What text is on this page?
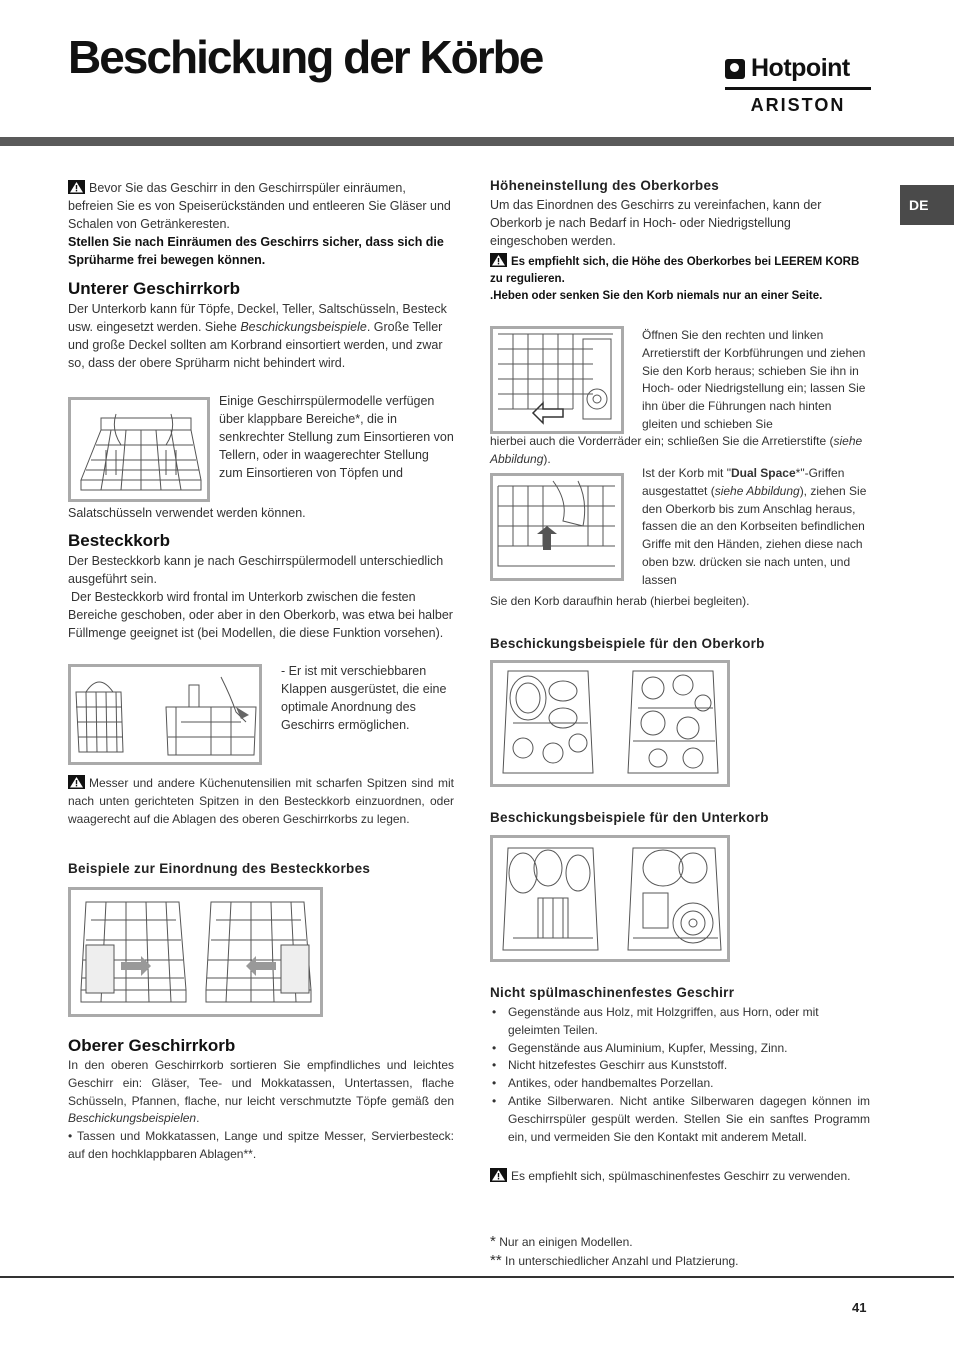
Beschickung der Körbe	Hotpoint
ARISTON
DE
Bevor Sie das Geschirr in den Geschirrspüler einräumen, befreien Sie es von Speiserückständen und entleeren Sie Gläser und Schalen von Getränkeresten.
Stellen Sie nach Einräumen des Geschirrs sicher, dass sich die Sprüharme frei bewegen können.
Unterer Geschirrkorb
Der Unterkorb kann für Töpfe, Deckel, Teller, Saltschüsseln, Besteck usw. eingesetzt werden. Siehe Beschickungsbeispiele. Große Teller und große Deckel sollten am Korbrand einsortiert werden, und zwar so, dass der obere Sprüharm nicht behindert wird.
Einige Geschirrspülermodelle verfügen über klappbare Bereiche*, die in senkrechter Stellung zum Einsortieren von Tellern, oder in waagerechter Stellung zum Einsortieren von Töpfen und
Salatschüsseln verwendet werden können.
Besteckkorb
Der Besteckkorb kann je nach Geschirrspülermodell unterschiedlich ausgeführt sein.
Der Besteckkorb wird frontal im Unterkorb zwischen die festen Bereiche geschoben, oder aber in den Oberkorb, was etwa bei halber Füllmenge geeignet ist (bei Modellen, die diese Funktion vorsehen).
- Er ist mit verschiebbaren Klappen ausgerüstet, die eine optimale Anordnung des Geschirrs ermöglichen.
Messer und andere Küchenutensilien mit scharfen Spitzen sind mit nach unten gerichteten Spitzen in den Besteckkorb einzuordnen, oder waagerecht auf die Ablagen des oberen Geschirrkorbs zu legen.
Beispiele zur Einordnung des Besteckkorbes
Oberer Geschirrkorb
In den oberen Geschirrkorb sortieren Sie empfindliches und leichtes Geschirr ein: Gläser, Tee- und Mokkatassen, Untertassen, flache Schüsseln, Pfannen, flache, nur leicht verschmutzte Töpfe gemäß den Beschickungsbeispielen.
• Tassen und Mokkatassen, Lange und spitze Messer, Servierbesteck: auf den hochklappbaren Ablagen**.
Höheneinstellung des Oberkorbes
Um das Einordnen des Geschirrs zu vereinfachen, kann der Oberkorb je nach Bedarf in Hoch- oder Niedrigstellung eingeschoben werden.
Es empfiehlt sich, die Höhe des Oberkorbes bei LEEREM KORB zu regulieren.
.Heben oder senken Sie den Korb niemals nur an einer Seite.
Öffnen Sie den rechten und linken Arretierstift der Korbführungen und ziehen Sie den Korb heraus; schieben Sie ihn in Hoch- oder Niedrigstellung ein; lassen Sie ihn über die Führungen nach hinten gleiten und schieben Sie
hierbei auch die Vorderräder ein; schließen Sie die Arretierstifte (siehe Abbildung).
Ist der Korb mit "Dual Space*"-Griffen ausgestattet (siehe Abbildung), ziehen Sie den Oberkorb bis zum Anschlag heraus, fassen die an den Korbseiten befindlichen Griffe mit den Händen, ziehen diese nach oben bzw. drücken sie nach unten, und lassen
Sie den Korb daraufhin herab (hierbei begleiten).
Beschickungsbeispiele für den Oberkorb
Beschickungsbeispiele für den Unterkorb
Nicht spülmaschinenfestes Geschirr
• Gegenstände aus Holz, mit Holzgriffen, aus Horn, oder mit geleimten Teilen.
• Gegenstände aus Aluminium, Kupfer, Messing, Zinn.
• Nicht hitzefestes Geschirr aus Kunststoff.
• Antikes, oder handbemaltes Porzellan.
• Antike Silberwaren. Nicht antike Silberwaren dagegen können im Geschirrspüler gespült werden. Stellen Sie ein sanftes Programm ein, und vermeiden Sie den Kontakt mit anderem Metall.
Es empfiehlt sich, spülmaschinenfestes Geschirr zu verwenden.
* Nur an einigen Modellen.
** In unterschiedlicher Anzahl und Platzierung.
41
